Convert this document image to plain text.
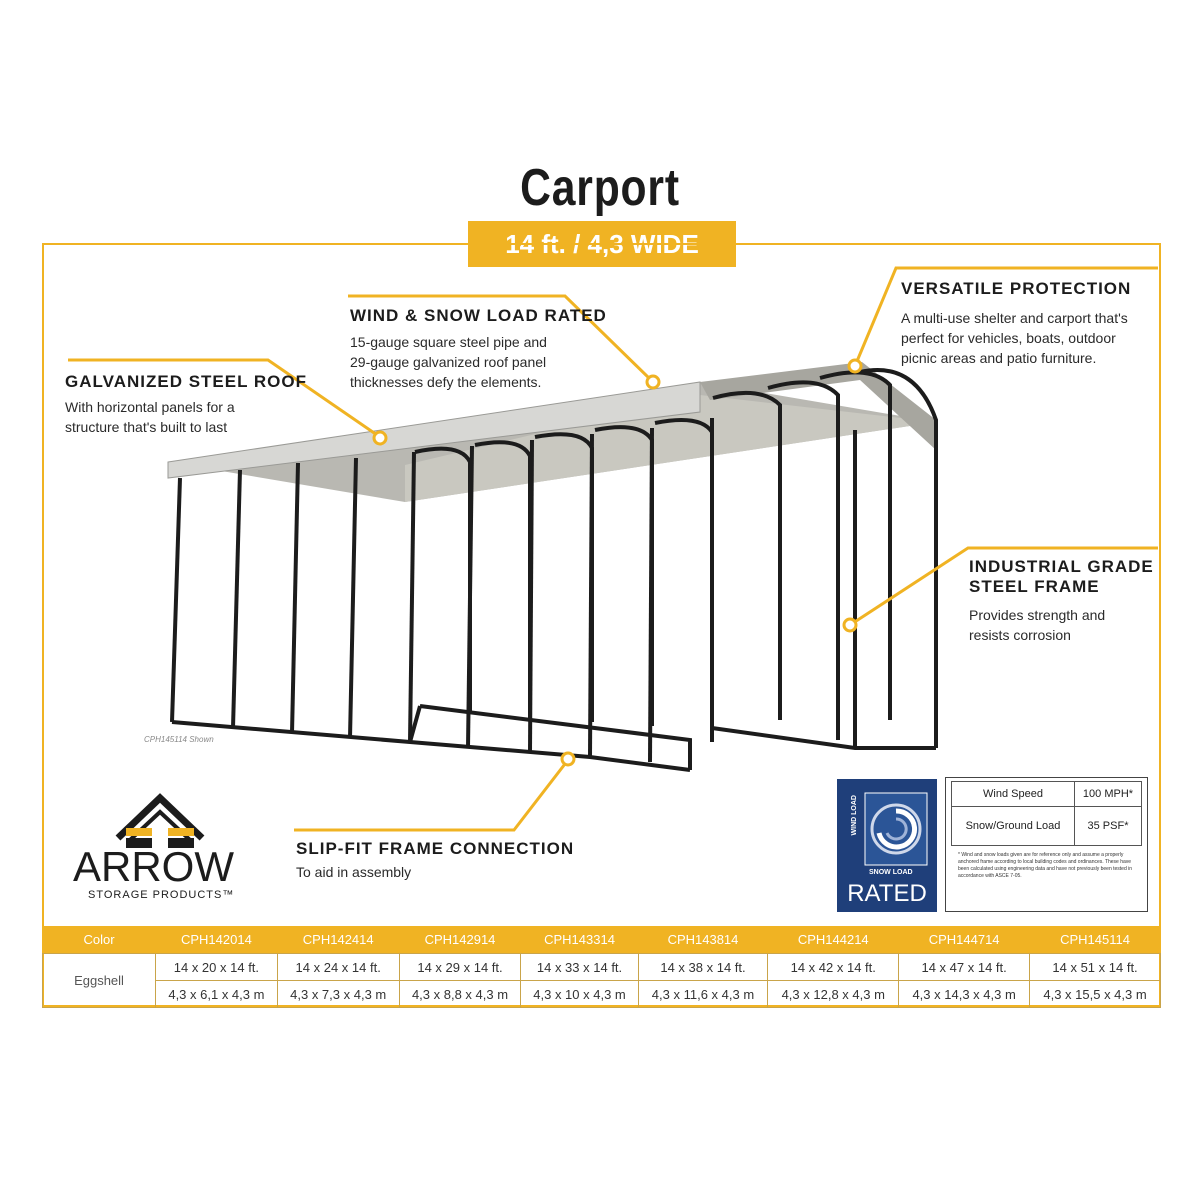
Carport
14 ft. / 4,3 WIDE
CPH145114 Shown
GALVANIZED STEEL ROOF
With horizontal panels for a
structure that's built to last
WIND & SNOW LOAD RATED
15-gauge square steel pipe and
29-gauge galvanized roof panel
thicknesses defy the elements.
VERSATILE PROTECTION
A multi-use shelter and carport that's
perfect for vehicles, boats, outdoor
picnic areas and patio furniture.
INDUSTRIAL GRADE
STEEL FRAME
Provides strength and
resists corrosion
SLIP-FIT FRAME CONNECTION
To aid in assembly
ARROW
STORAGE PRODUCTS™
WIND LOAD
SNOW LOAD
RATED
Wind Speed	100 MPH*
Snow/Ground Load	35 PSF*
* Wind and snow loads given are for reference only and assume a properly anchored frame according to local building codes and ordinances. These have been calculated using engineering data and have not previously been tested in accordance with ASCE 7-05.
Color	CPH142014	CPH142414	CPH142914	CPH143314	CPH143814	CPH144214	CPH144714	CPH145114
Eggshell	14 x 20 x 14 ft.	14 x 24 x 14 ft.	14 x 29 x 14 ft.	14 x 33 x 14 ft.	14 x 38 x 14 ft.	14 x 42 x 14 ft.	14 x 47 x 14 ft.	14 x 51 x 14 ft.
	4,3 x 6,1 x 4,3 m	4,3 x 7,3 x 4,3 m	4,3 x 8,8 x 4,3 m	4,3 x 10 x 4,3 m	4,3 x 11,6 x 4,3 m	4,3 x 12,8 x 4,3 m	4,3 x 14,3 x 4,3 m	4,3 x 15,5 x 4,3 m
